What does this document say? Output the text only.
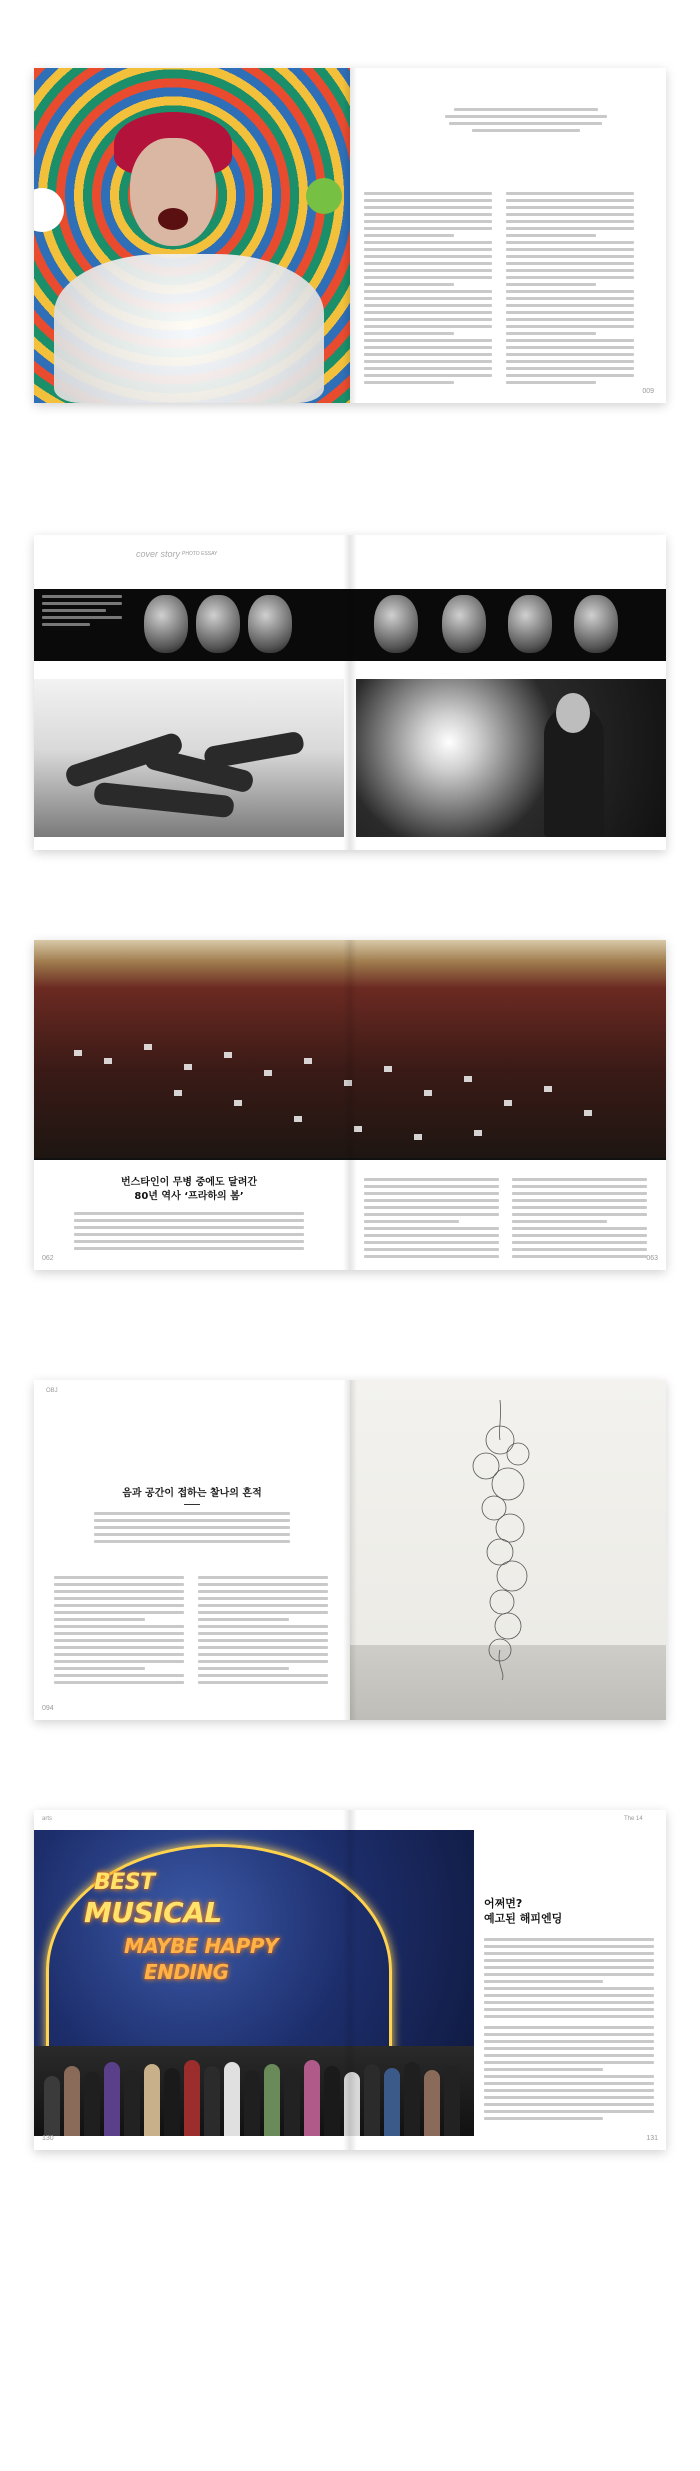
009
cover story PHOTO ESSAY
번스타인이 무병 중에도 달려간
80년 역사 ‘프라하의 봄’
062	063
OBJ
음과 공간이 접하는 찰나의 흔적
094
arts	The 14
BEST
MUSICAL
MAYBE HAPPY
ENDING
어쩌면?
예고된 해피엔딩
130	131
